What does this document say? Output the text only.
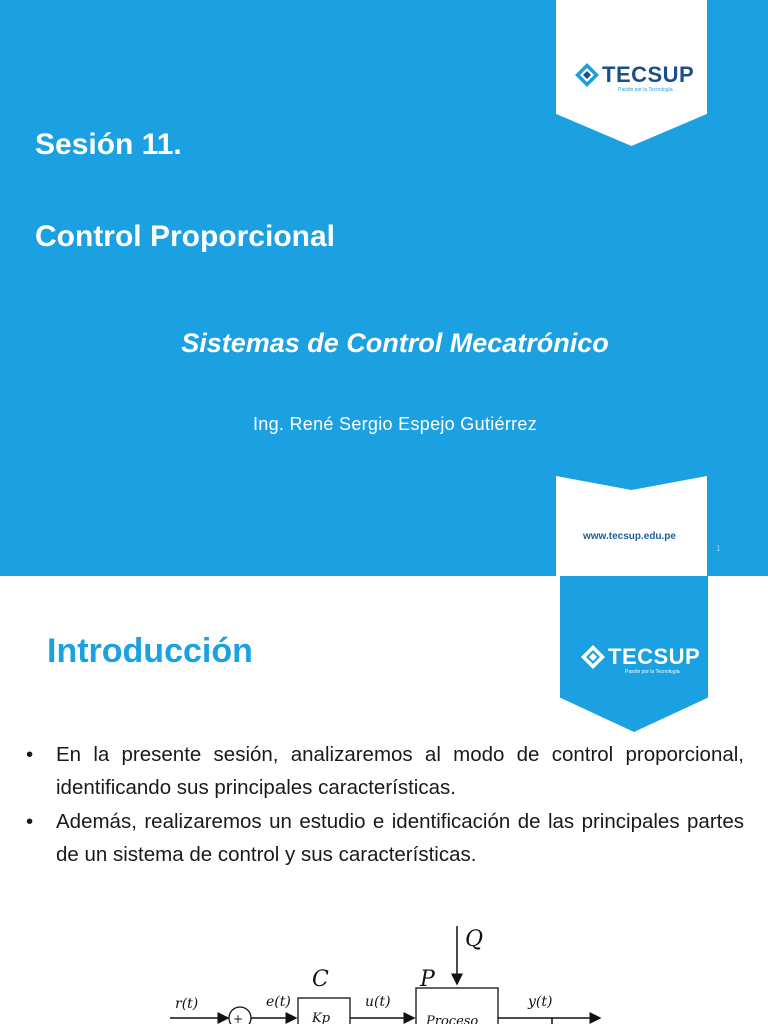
TECSUP
Pasión por la Tecnología
Sesión 11.
Control Proporcional
Sistemas de Control Mecatrónico
Ing. René Sergio Espejo Gutiérrez
www.tecsup.edu.pe
1
TECSUP
Pasión por la Tecnología
Introducción
• En la presente sesión, analizaremos al modo de control proporcional, identificando sus principales características.
• Además, realizaremos un estudio e identificación de las principales partes de un sistema de control y sus características.
Q
C	P
r(t)
+
e(t)
Kp
u(t)
Proceso
y(t)
